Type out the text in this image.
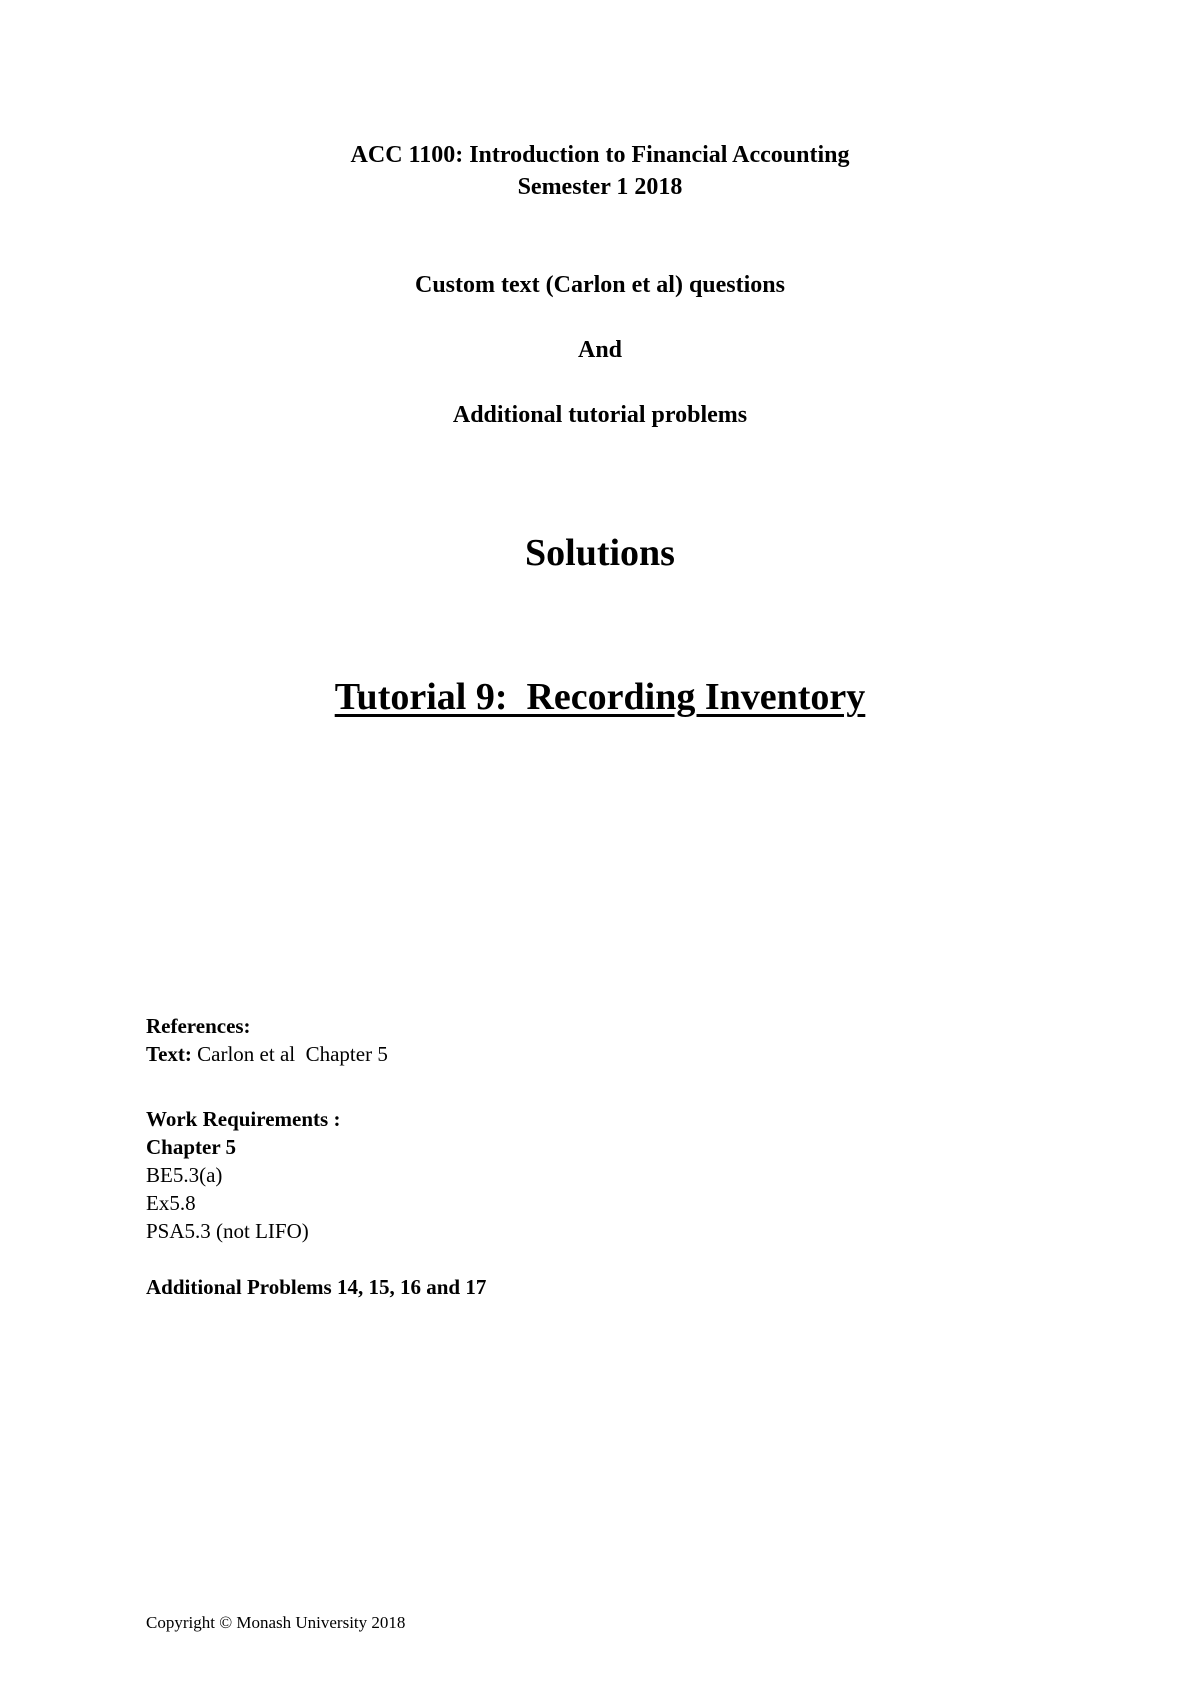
ACC 1100: Introduction to Financial Accounting
Semester 1 2018
Custom text (Carlon et al) questions
And
Additional tutorial problems
Solutions
Tutorial 9:  Recording Inventory
References:
Text: Carlon et al  Chapter 5
Work Requirements :
Chapter 5
BE5.3(a)
Ex5.8
PSA5.3 (not LIFO)
Additional Problems 14, 15, 16 and 17
Copyright © Monash University 2018
